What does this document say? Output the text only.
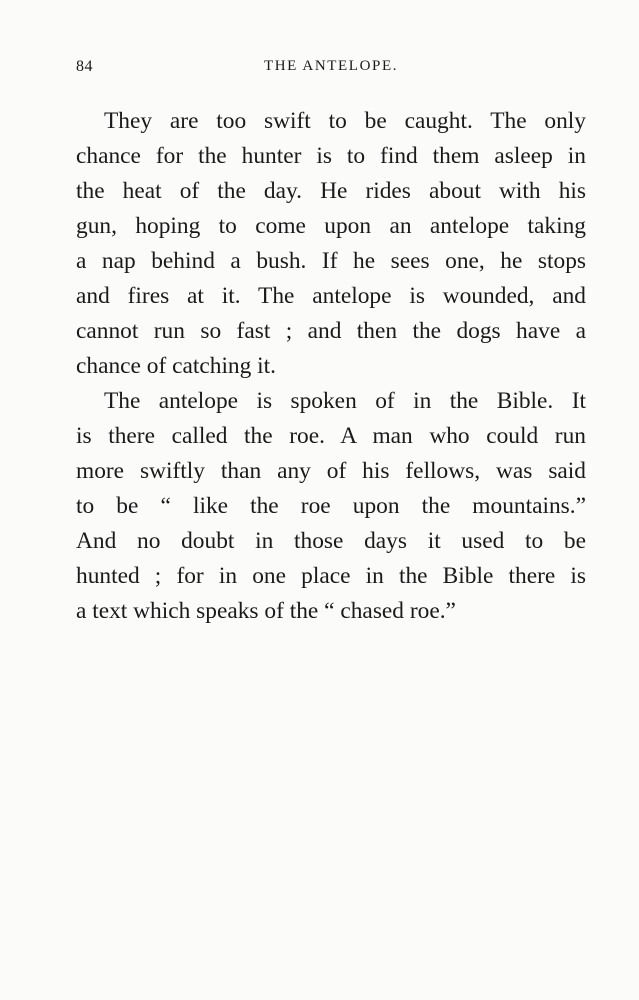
84	THE ANTELOPE.

They are too swift to be caught. The only
chance for the hunter is to find them asleep in
the heat of the day. He rides about with his
gun, hoping to come upon an antelope taking
a nap behind a bush. If he sees one, he stops
and fires at it. The antelope is wounded, and
cannot run so fast ; and then the dogs have a
chance of catching it.

The antelope is spoken of in the Bible. It
is there called the roe. A man who could run
more swiftly than any of his fellows, was said
to be “ like the roe upon the mountains.”
And no doubt in those days it used to be
hunted ; for in one place in the Bible there is
a text which speaks of the “ chased roe.”
